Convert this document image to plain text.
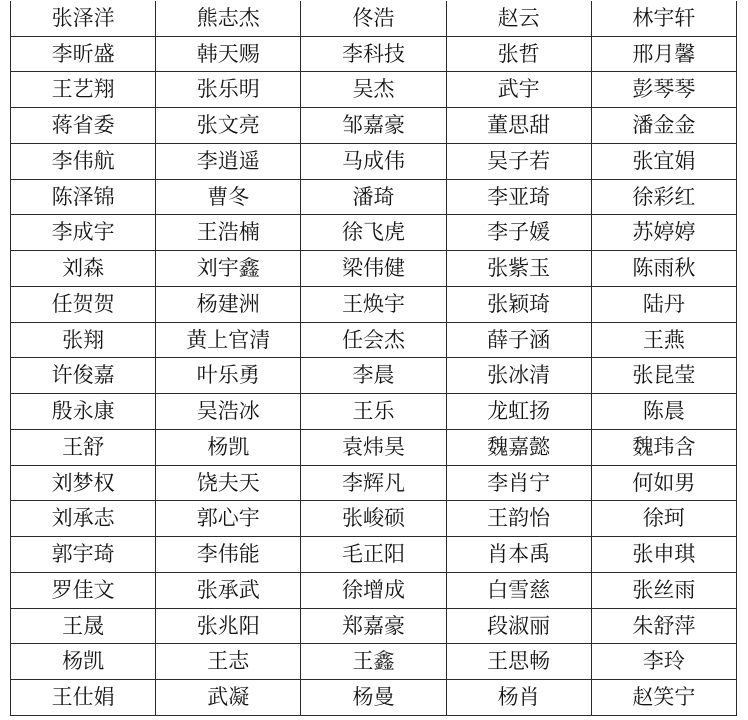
张泽洋	熊志杰	佟浩	赵云	林宇轩
李昕盛	韩天赐	李科技	张哲	邢月馨
王艺翔	张乐明	吴杰	武宇	彭琴琴
蒋省委	张文亮	邹嘉豪	董思甜	潘金金
李伟航	李逍遥	马成伟	吴子若	张宜娟
陈泽锦	曹冬	潘琦	李亚琦	徐彩红
李成宇	王浩楠	徐飞虎	李子媛	苏婷婷
刘森	刘宇鑫	梁伟健	张紫玉	陈雨秋
任贺贺	杨建洲	王焕宇	张颖琦	陆丹
张翔	黄上官清	任会杰	薛子涵	王燕
许俊嘉	叶乐勇	李晨	张冰清	张昆莹
殷永康	吴浩冰	王乐	龙虹扬	陈晨
王舒	杨凯	袁炜昊	魏嘉懿	魏玮含
刘梦权	饶夫天	李辉凡	李肖宁	何如男
刘承志	郭心宇	张峻硕	王韵怡	徐珂
郭宇琦	李伟能	毛正阳	肖本禹	张申琪
罗佳文	张承武	徐增成	白雪慈	张丝雨
王晟	张兆阳	郑嘉豪	段淑丽	朱舒萍
杨凯	王志	王鑫	王思畅	李玲
王仕娟	武凝	杨曼	杨肖	赵笑宁
